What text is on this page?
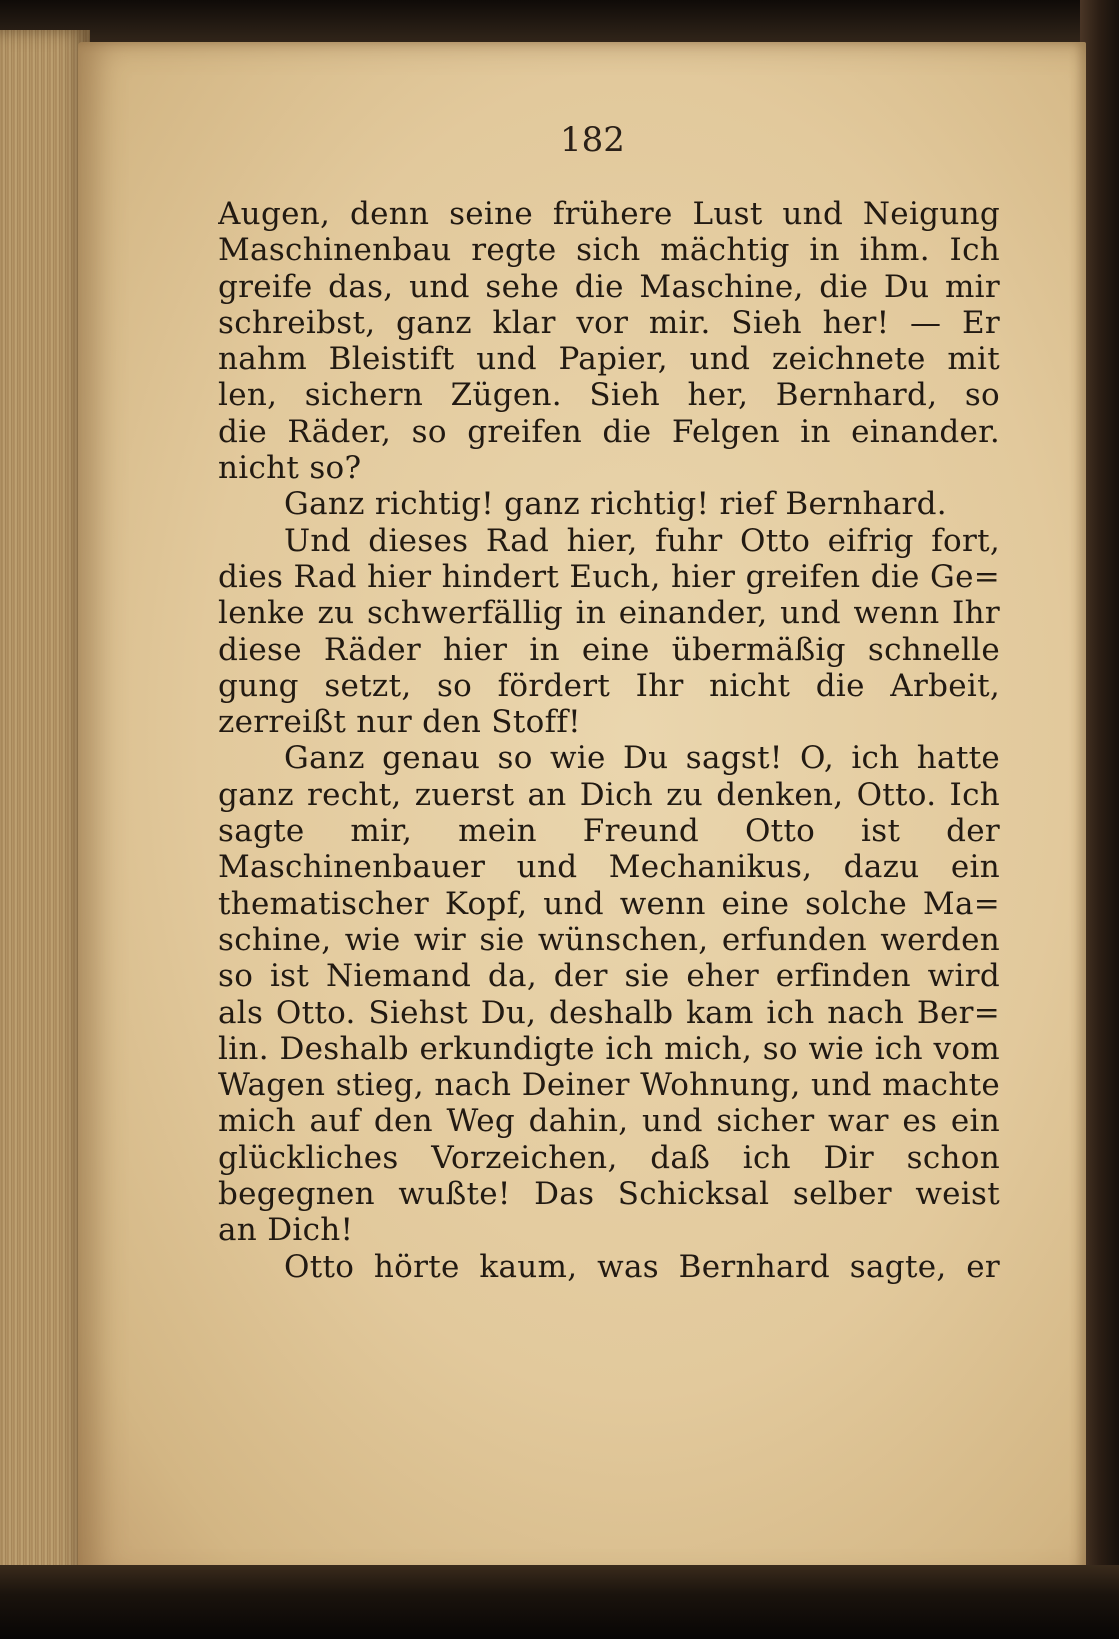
182

Augen, denn seine frühere Lust und Neigung
Maschinenbau regte sich mächtig in ihm. Ich
greife das, und sehe die Maschine, die Du mir
schreibst, ganz klar vor mir. Sieh her! — Er
nahm Bleistift und Papier, und zeichnete mit
len, sichern Zügen. Sieh her, Bernhard, so
die Räder, so greifen die Felgen in einander.
nicht so?
Ganz richtig! ganz richtig! rief Bernhard.
Und dieses Rad hier, fuhr Otto eifrig fort,
dies Rad hier hindert Euch, hier greifen die Ge=
lenke zu schwerfällig in einander, und wenn Ihr
diese Räder hier in eine übermäßig schnelle
gung setzt, so fördert Ihr nicht die Arbeit,
zerreißt nur den Stoff!
Ganz genau so wie Du sagst! O, ich hatte
ganz recht, zuerst an Dich zu denken, Otto. Ich
sagte mir, mein Freund Otto ist der
Maschinenbauer und Mechanikus, dazu ein
thematischer Kopf, und wenn eine solche Ma=
schine, wie wir sie wünschen, erfunden werden
so ist Niemand da, der sie eher erfinden wird
als Otto. Siehst Du, deshalb kam ich nach Ber=
lin. Deshalb erkundigte ich mich, so wie ich vom
Wagen stieg, nach Deiner Wohnung, und machte
mich auf den Weg dahin, und sicher war es ein
glückliches Vorzeichen, daß ich Dir schon
begegnen wußte! Das Schicksal selber weist
an Dich!
Otto hörte kaum, was Bernhard sagte, er
